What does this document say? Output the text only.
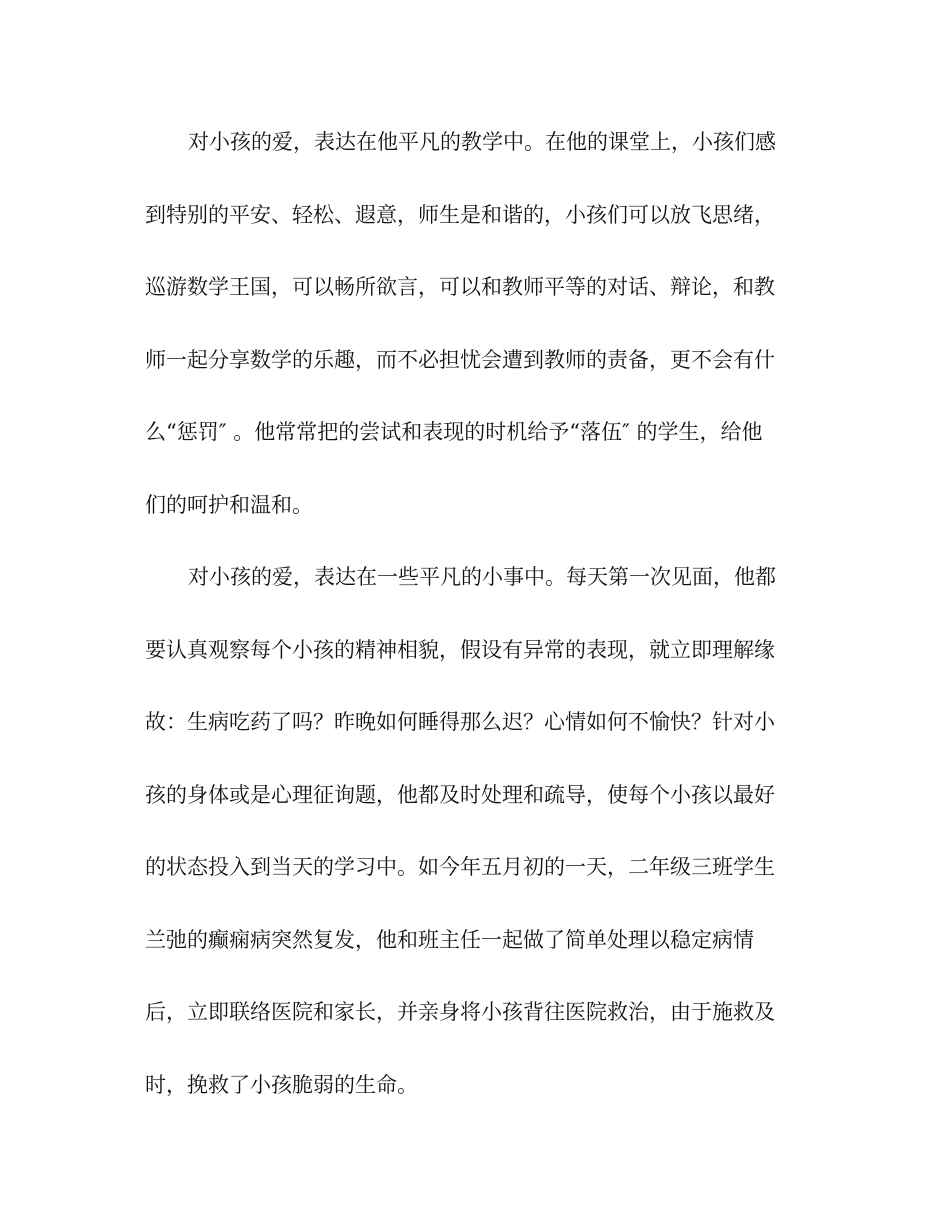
对小孩的爱，表达在他平凡的教学中。在他的课堂上，小孩们感
到特别的平安、轻松、遐意，师生是和谐的，小孩们可以放飞思绪，
巡游数学王国，可以畅所欲言，可以和教师平等的对话、辩论，和教
师一起分享数学的乐趣，而不必担忧会遭到教师的责备，更不会有什
么“惩罚″ 。他常常把的尝试和表现的时机给予“落伍″ 的学生，给他
们的呵护和温和。
对小孩的爱，表达在一些平凡的小事中。每天第一次见面，他都
要认真观察每个小孩的精神相貌，假设有异常的表现，就立即理解缘
故：生病吃药了吗？昨晚如何睡得那么迟？心情如何不愉快？针对小
孩的身体或是心理征询题，他都及时处理和疏导，使每个小孩以最好
的状态投入到当天的学习中。如今年五月初的一天，二年级三班学生
兰弛的癫痫病突然复发，他和班主任一起做了简单处理以稳定病情
后，立即联络医院和家长，并亲身将小孩背往医院救治，由于施救及
时，挽救了小孩脆弱的生命。
